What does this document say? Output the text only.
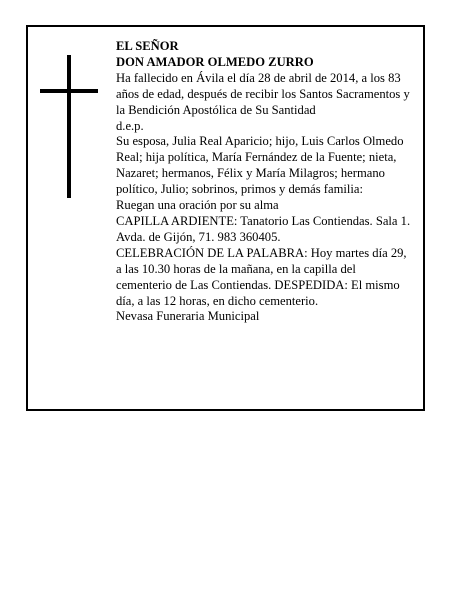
EL SEÑOR

DON AMADOR OLMEDO ZURRO

Ha fallecido en Ávila el día 28 de abril de 2014, a los 83 años de edad, después de recibir los Santos Sacramentos y la Bendición Apostólica de Su Santidad

d.e.p.

Su esposa, Julia Real Aparicio; hijo, Luis Carlos Olmedo Real; hija política, María Fernández de la Fuente; nieta, Nazaret; hermanos, Félix y María Milagros; hermano político, Julio; sobrinos, primos y demás familia:

Ruegan una oración por su alma

CAPILLA ARDIENTE: Tanatorio Las Contiendas. Sala 1. Avda. de Gijón, 71. 983 360405.

CELEBRACIÓN DE LA PALABRA: Hoy martes día 29, a las 10.30 horas de la mañana, en la capilla del cementerio de Las Contiendas. DESPEDIDA: El mismo día, a las 12 horas, en dicho cementerio.

Nevasa Funeraria Municipal
